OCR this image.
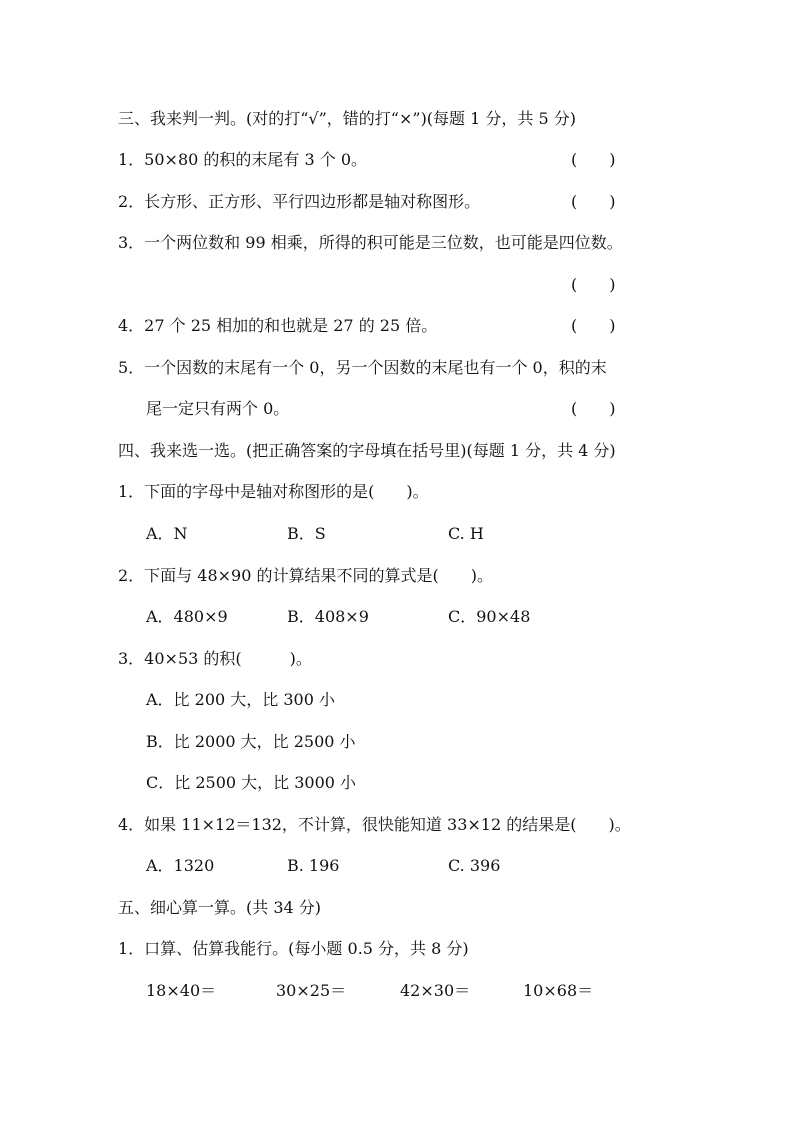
三、我来判一判。(对的打“√”，错的打“×”)(每题 1 分，共 5 分)
1．50×80 的积的末尾有 3 个 0。	(　　)
2．长方形、正方形、平行四边形都是轴对称图形。	(　　)
3．一个两位数和 99 相乘，所得的积可能是三位数，也可能是四位数。
(　　)
4．27 个 25 相加的和也就是 27 的 25 倍。	(　　)
5．一个因数的末尾有一个 0，另一个因数的末尾也有一个 0，积的末
尾一定只有两个 0。	(　　)
四、我来选一选。(把正确答案的字母填在括号里)(每题 1 分，共 4 分)
1．下面的字母中是轴对称图形的是(　　)。
A．N	B．S	C. H
2．下面与 48×90 的计算结果不同的算式是(　　)。
A．480×9	B．408×9	C．90×48
3．40×53 的积(　　　)。
A．比 200 大，比 300 小
B．比 2000 大，比 2500 小
C．比 2500 大，比 3000 小
4．如果 11×12＝132，不计算，很快能知道 33×12 的结果是(　　)。
A．1320	B. 196	C. 396
五、细心算一算。(共 34 分)
1．口算、估算我能行。(每小题 0.5 分，共 8 分)
18×40＝	30×25＝	42×30＝	10×68＝
